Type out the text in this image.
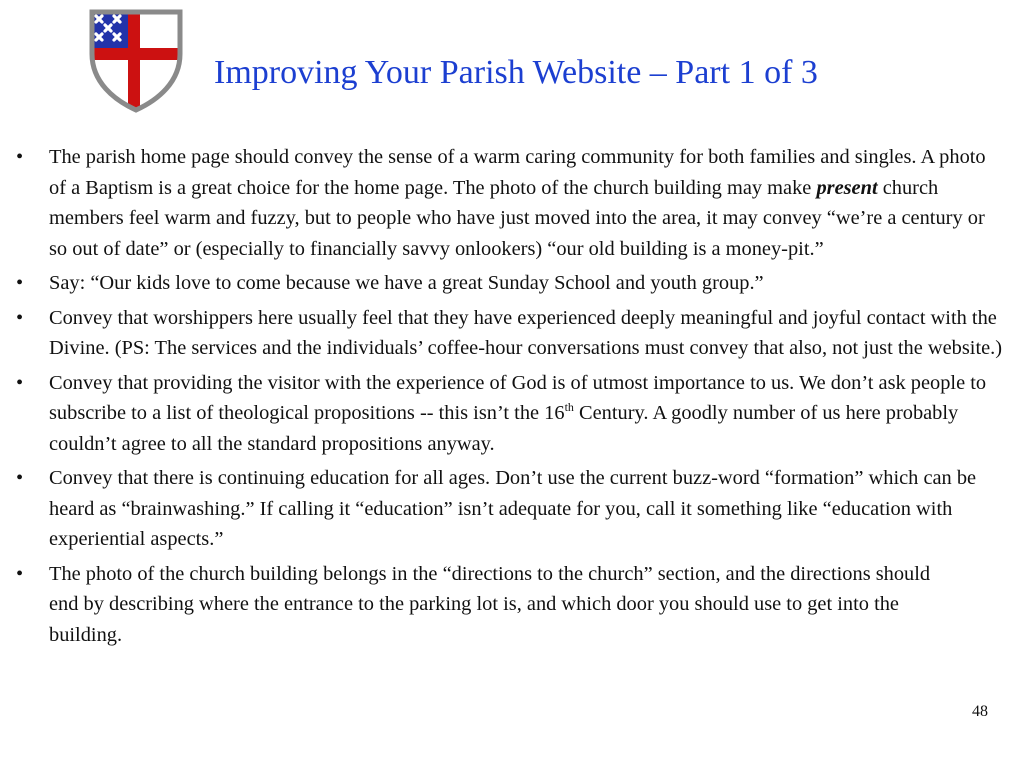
Improving Your Parish Website – Part 1 of 3
•	The parish home page should convey the sense of a warm caring community for both families and singles. A photo of a Baptism is a great choice for the home page. The photo of the church building may make present church members feel warm and fuzzy, but to people who have just moved into the area, it may convey “we’re a century or so out of date” or (especially to financially savvy onlookers) “our old building is a money-pit.”
•	Say: “Our kids love to come because we have a great Sunday School and youth group.”
•	Convey that worshippers here usually feel that they have experienced deeply meaningful and joyful contact with the Divine. (PS: The services and the individuals’ coffee-hour conversations must convey that also, not just the website.)
•	Convey that providing the visitor with the experience of God is of utmost importance to us. We don’t ask people to subscribe to a list of theological propositions -- this isn’t the 16th Century. A goodly number of us here probably couldn’t agree to all the standard propositions anyway.
•	Convey that there is continuing education for all ages. Don’t use the current buzz-word “formation” which can be heard as “brainwashing.” If calling it “education” isn’t adequate for you, call it something like “education with experiential aspects.”
•	The photo of the church building belongs in the “directions to the church” section, and the directions should end by describing where the entrance to the parking lot is, and which door you should use to get into the building.
48
